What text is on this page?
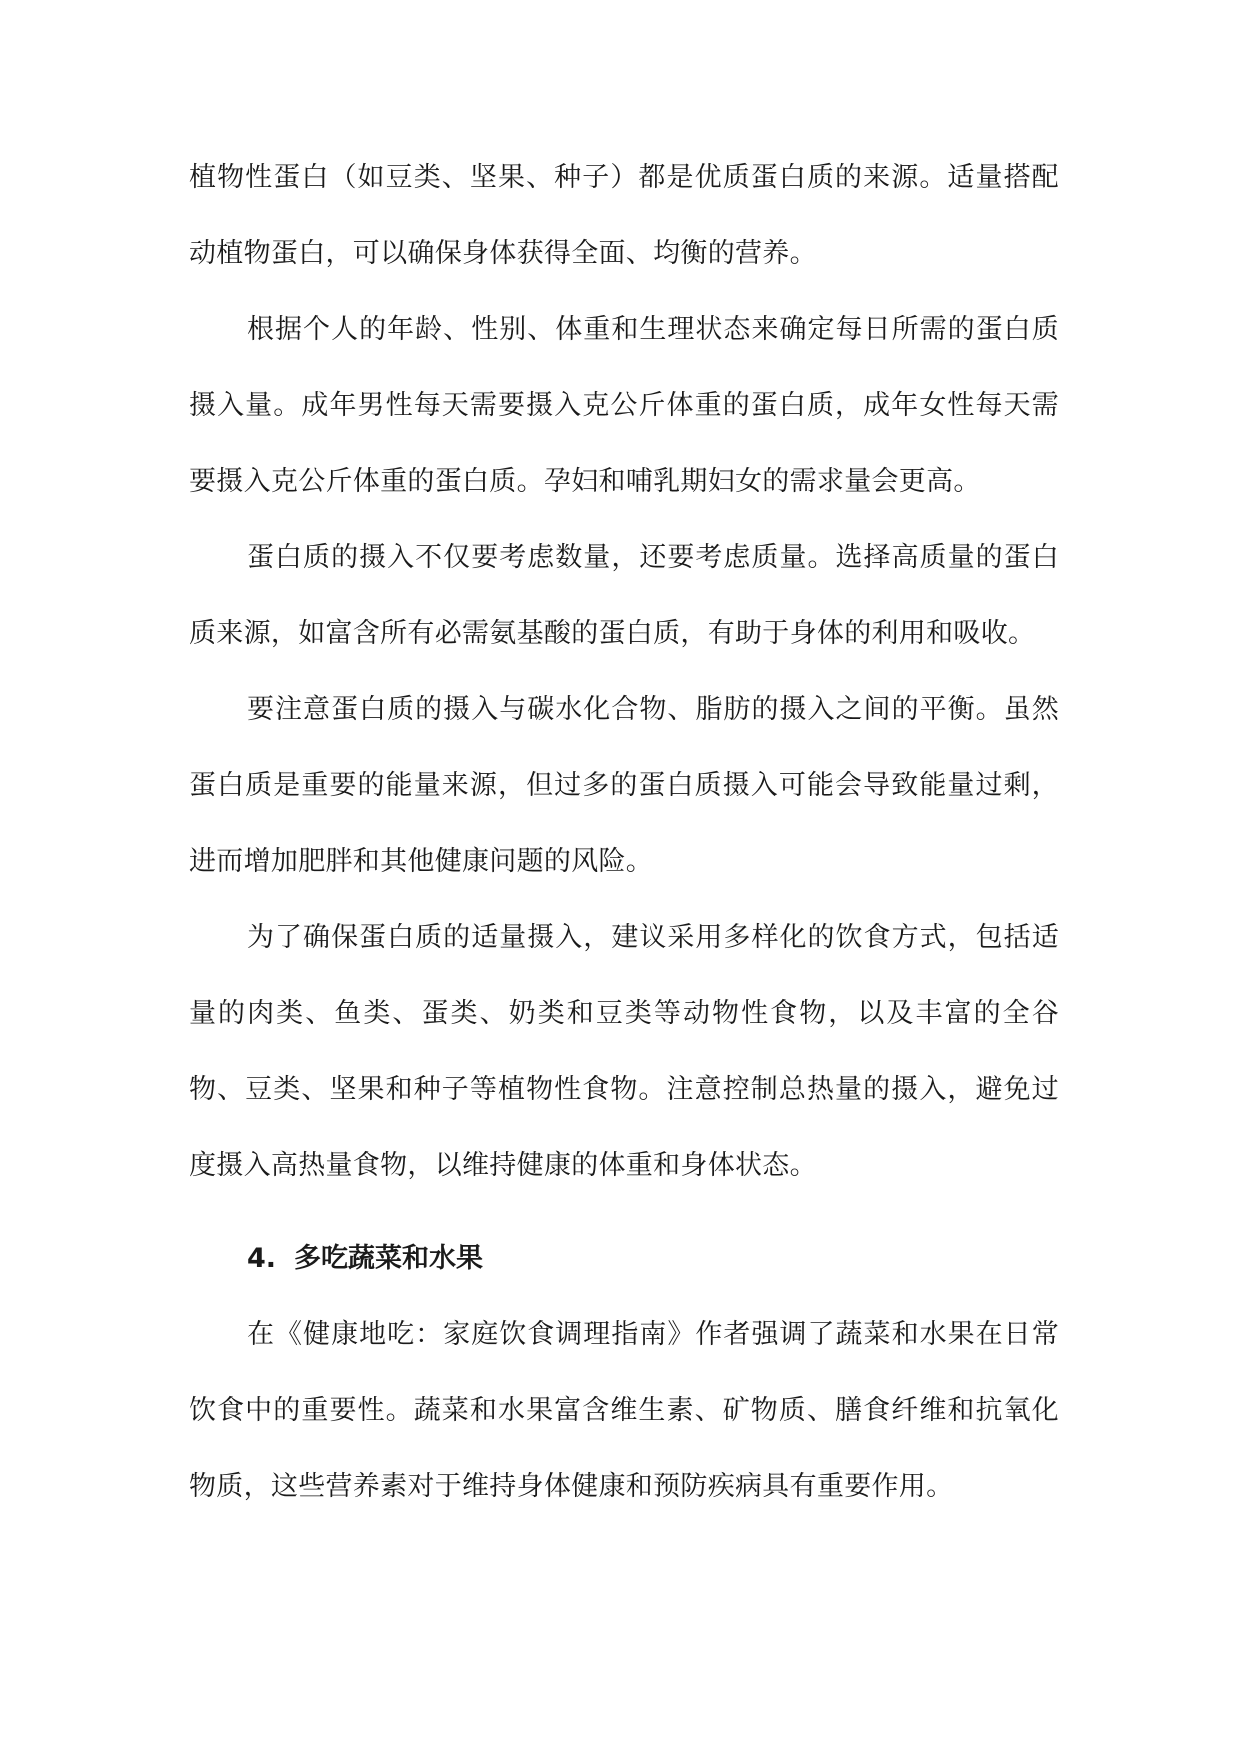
植物性蛋白（如豆类、坚果、种子）都是优质蛋白质的来源。适量搭配动植物蛋白，可以确保身体获得全面、均衡的营养。

根据个人的年龄、性别、体重和生理状态来确定每日所需的蛋白质摄入量。成年男性每天需要摄入克公斤体重的蛋白质，成年女性每天需要摄入克公斤体重的蛋白质。孕妇和哺乳期妇女的需求量会更高。

蛋白质的摄入不仅要考虑数量，还要考虑质量。选择高质量的蛋白质来源，如富含所有必需氨基酸的蛋白质，有助于身体的利用和吸收。

要注意蛋白质的摄入与碳水化合物、脂肪的摄入之间的平衡。虽然蛋白质是重要的能量来源，但过多的蛋白质摄入可能会导致能量过剩，进而增加肥胖和其他健康问题的风险。

为了确保蛋白质的适量摄入，建议采用多样化的饮食方式，包括适量的肉类、鱼类、蛋类、奶类和豆类等动物性食物，以及丰富的全谷物、豆类、坚果和种子等植物性食物。注意控制总热量的摄入，避免过度摄入高热量食物，以维持健康的体重和身体状态。

4. 多吃蔬菜和水果

在《健康地吃：家庭饮食调理指南》作者强调了蔬菜和水果在日常饮食中的重要性。蔬菜和水果富含维生素、矿物质、膳食纤维和抗氧化物质，这些营养素对于维持身体健康和预防疾病具有重要作用。
